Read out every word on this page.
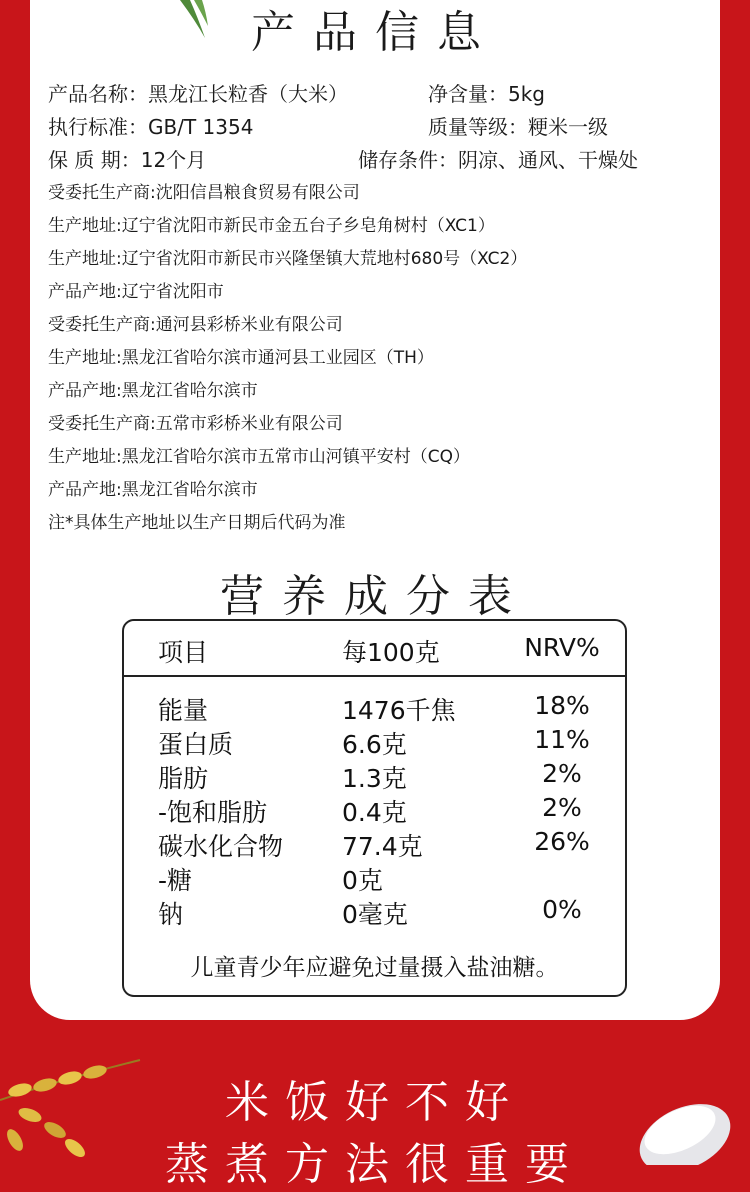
产品信息
产品名称：黑龙江长粒香（大米）	净含量：5kg
执行标准：GB/T 1354	质量等级：粳米一级
保 质 期：12个月	储存条件：阴凉、通风、干燥处
受委托生产商:沈阳信昌粮食贸易有限公司
生产地址:辽宁省沈阳市新民市金五台子乡皂角树村（XC1）
生产地址:辽宁省沈阳市新民市兴隆堡镇大荒地村680号（XC2）
产品产地:辽宁省沈阳市
受委托生产商:通河县彩桥米业有限公司
生产地址:黑龙江省哈尔滨市通河县工业园区（TH）
产品产地:黑龙江省哈尔滨市
受委托生产商:五常市彩桥米业有限公司
生产地址:黑龙江省哈尔滨市五常市山河镇平安村（CQ）
产品产地:黑龙江省哈尔滨市
注*具体生产地址以生产日期后代码为准
营养成分表
项目	每100克	NRV%
能量	1476千焦	18%
蛋白质	6.6克	11%
脂肪	1.3克	2%
-饱和脂肪	0.4克	2%
碳水化合物 77.4克	26%
-糖	0克
钠	0毫克	0%
儿童青少年应避免过量摄入盐油糖。
米饭好不好
蒸煮方法很重要
